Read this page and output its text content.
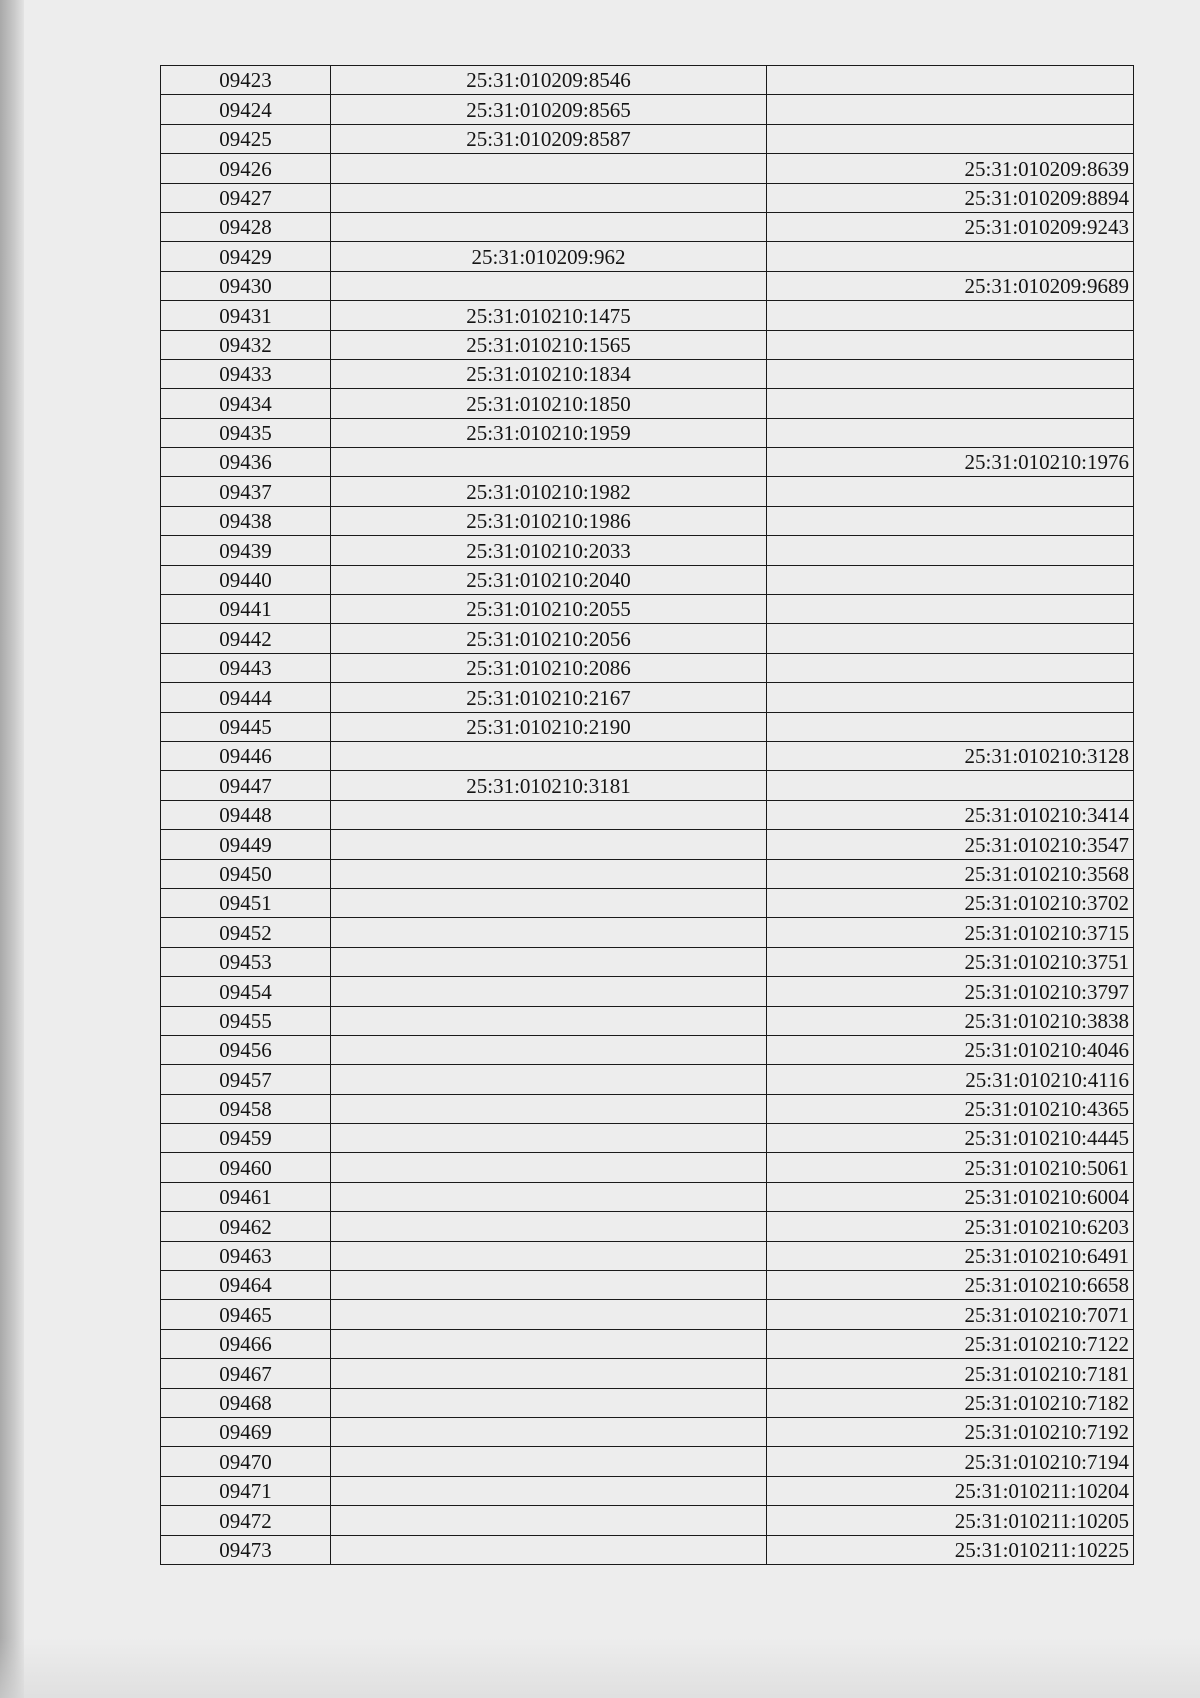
09423	25:31:010209:8546	
09424	25:31:010209:8565	
09425	25:31:010209:8587	
09426		25:31:010209:8639
09427		25:31:010209:8894
09428		25:31:010209:9243
09429	25:31:010209:962	
09430		25:31:010209:9689
09431	25:31:010210:1475	
09432	25:31:010210:1565	
09433	25:31:010210:1834	
09434	25:31:010210:1850	
09435	25:31:010210:1959	
09436		25:31:010210:1976
09437	25:31:010210:1982	
09438	25:31:010210:1986	
09439	25:31:010210:2033	
09440	25:31:010210:2040	
09441	25:31:010210:2055	
09442	25:31:010210:2056	
09443	25:31:010210:2086	
09444	25:31:010210:2167	
09445	25:31:010210:2190	
09446		25:31:010210:3128
09447	25:31:010210:3181	
09448		25:31:010210:3414
09449		25:31:010210:3547
09450		25:31:010210:3568
09451		25:31:010210:3702
09452		25:31:010210:3715
09453		25:31:010210:3751
09454		25:31:010210:3797
09455		25:31:010210:3838
09456		25:31:010210:4046
09457		25:31:010210:4116
09458		25:31:010210:4365
09459		25:31:010210:4445
09460		25:31:010210:5061
09461		25:31:010210:6004
09462		25:31:010210:6203
09463		25:31:010210:6491
09464		25:31:010210:6658
09465		25:31:010210:7071
09466		25:31:010210:7122
09467		25:31:010210:7181
09468		25:31:010210:7182
09469		25:31:010210:7192
09470		25:31:010210:7194
09471		25:31:010211:10204
09472		25:31:010211:10205
09473		25:31:010211:10225
